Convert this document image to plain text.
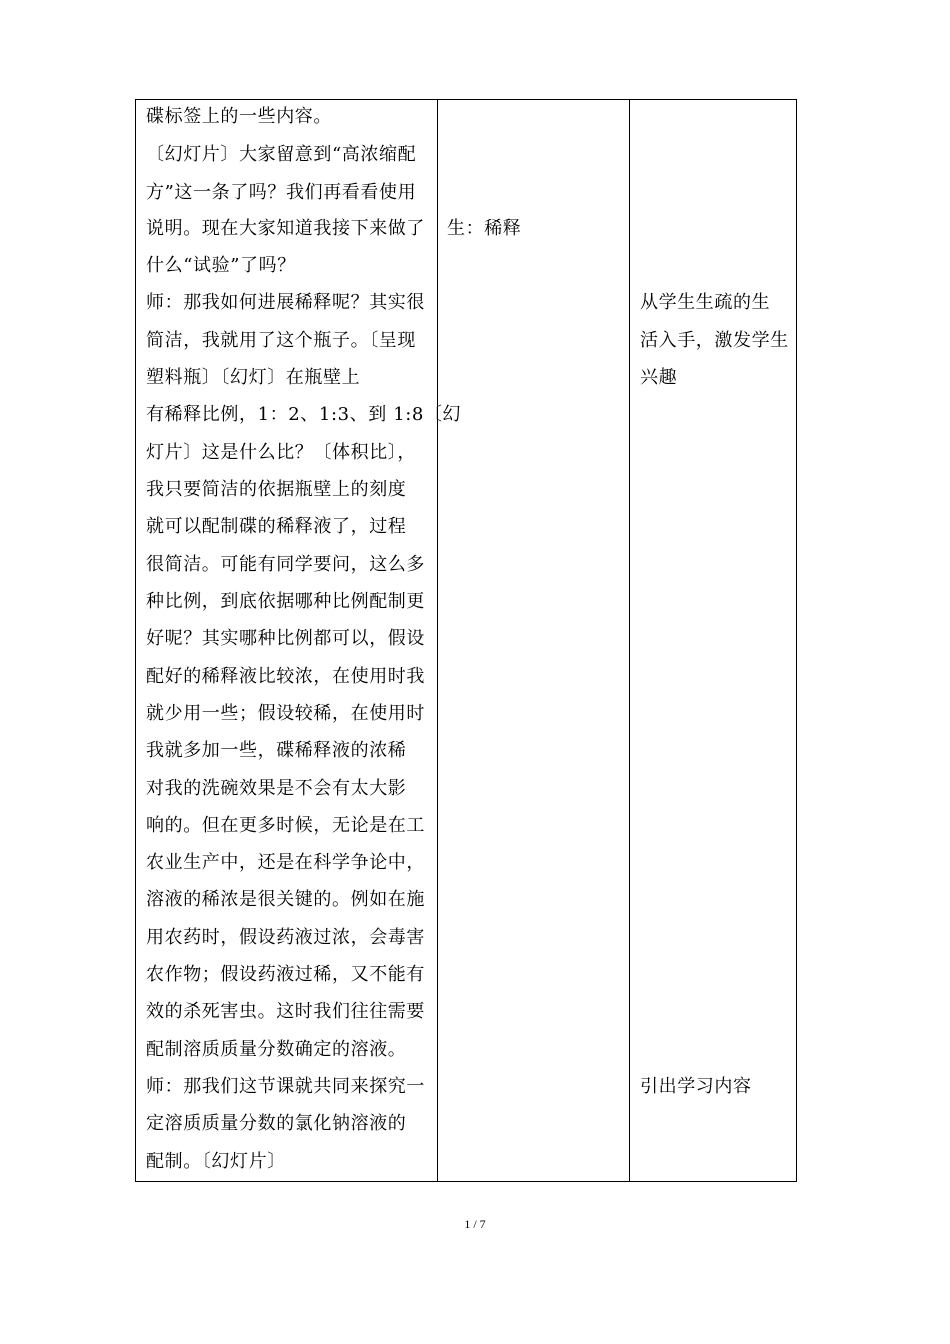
碟标签上的一些内容。
〔幻灯片〕大家留意到“高浓缩配
方”这一条了吗？我们再看看使用
说明。现在大家知道我接下来做了
什么“试验”了吗？
师：那我如何进展稀释呢？其实很
简洁，我就用了这个瓶子。〔呈现
塑料瓶〕〔幻灯〕在瓶壁上
有稀释比例，1：2、1:3、到 1:8〔幻
灯片〕这是什么比？〔体积比〕，
我只要简洁的依据瓶壁上的刻度
就可以配制碟的稀释液了，过程
很简洁。可能有同学要问，这么多
种比例，到底依据哪种比例配制更
好呢？其实哪种比例都可以，假设
配好的稀释液比较浓，在使用时我
就少用一些；假设较稀，在使用时
我就多加一些，碟稀释液的浓稀
对我的洗碗效果是不会有太大影
响的。但在更多时候，无论是在工
农业生产中，还是在科学争论中，
溶液的稀浓是很关键的。例如在施
用农药时，假设药液过浓，会毒害
农作物；假设药液过稀，又不能有
效的杀死害虫。这时我们往往需要
配制溶质质量分数确定的溶液。
师：那我们这节课就共同来探究一
定溶质质量分数的氯化钠溶液的
配制。〔幻灯片〕
生：稀释
从学生生疏的生
活入手，激发学生
兴趣
引出学习内容
1 / 7
